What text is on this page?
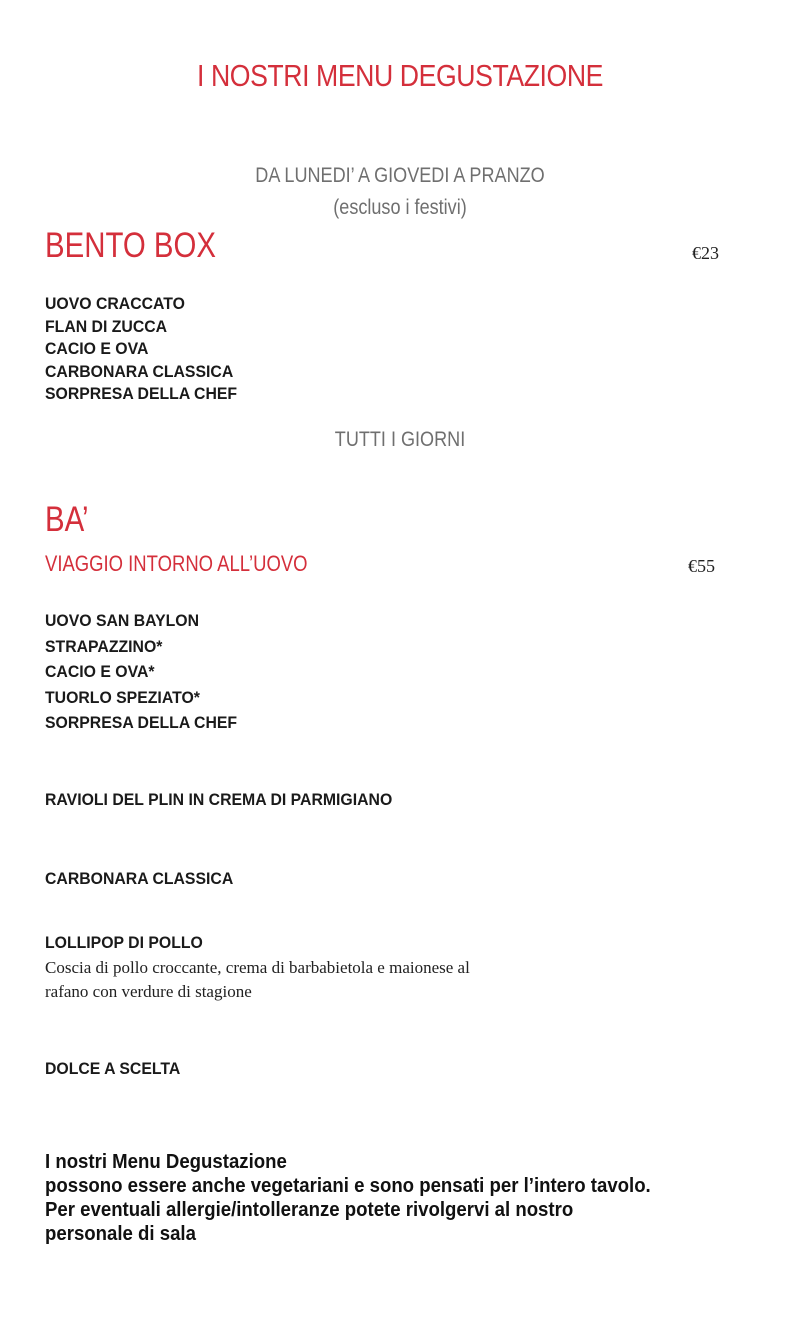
I NOSTRI MENU DEGUSTAZIONE
DA LUNEDI’ A GIOVEDI A PRANZO
(escluso i festivi)
BENTO BOX	€23
UOVO CRACCATO
FLAN DI ZUCCA
CACIO E OVA
CARBONARA CLASSICA
SORPRESA DELLA CHEF
TUTTI I GIORNI
BA’
VIAGGIO INTORNO ALL’UOVO	€55
UOVO SAN BAYLON
STRAPAZZINO*
CACIO E OVA*
TUORLO SPEZIATO*
SORPRESA DELLA CHEF
RAVIOLI DEL PLIN IN CREMA DI PARMIGIANO
CARBONARA CLASSICA
LOLLIPOP DI POLLO
Coscia di pollo croccante, crema di barbabietola e maionese al
rafano con verdure di stagione
DOLCE A SCELTA
I nostri Menu Degustazione
possono essere anche vegetariani e sono pensati per l’intero tavolo.
Per eventuali allergie/intolleranze potete rivolgervi al nostro
personale di sala
